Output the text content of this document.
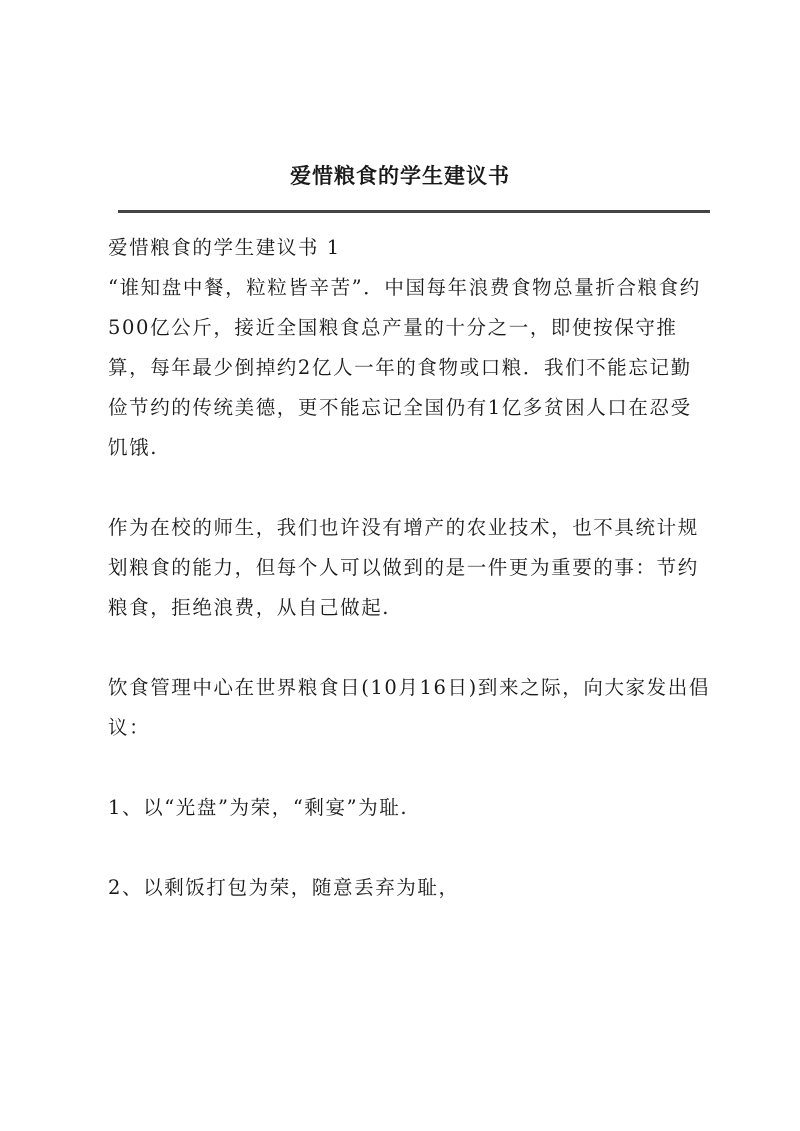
爱惜粮食的学生建议书

爱惜粮食的学生建议书 1

“谁知盘中餐，粒粒皆辛苦”．中国每年浪费食物总量折合粮食约500亿公斤，接近全国粮食总产量的十分之一，即使按保守推算，每年最少倒掉约2亿人一年的食物或口粮．我们不能忘记勤俭节约的传统美德，更不能忘记全国仍有1亿多贫困人口在忍受饥饿.

作为在校的师生，我们也许没有增产的农业技术，也不具统计规划粮食的能力，但每个人可以做到的是一件更为重要的事：节约粮食，拒绝浪费，从自己做起.

饮食管理中心在世界粮食日(10月16日)到来之际，向大家发出倡议：

1、以“光盘”为荣，“剩宴”为耻.

2、以剩饭打包为荣，随意丢弃为耻，
